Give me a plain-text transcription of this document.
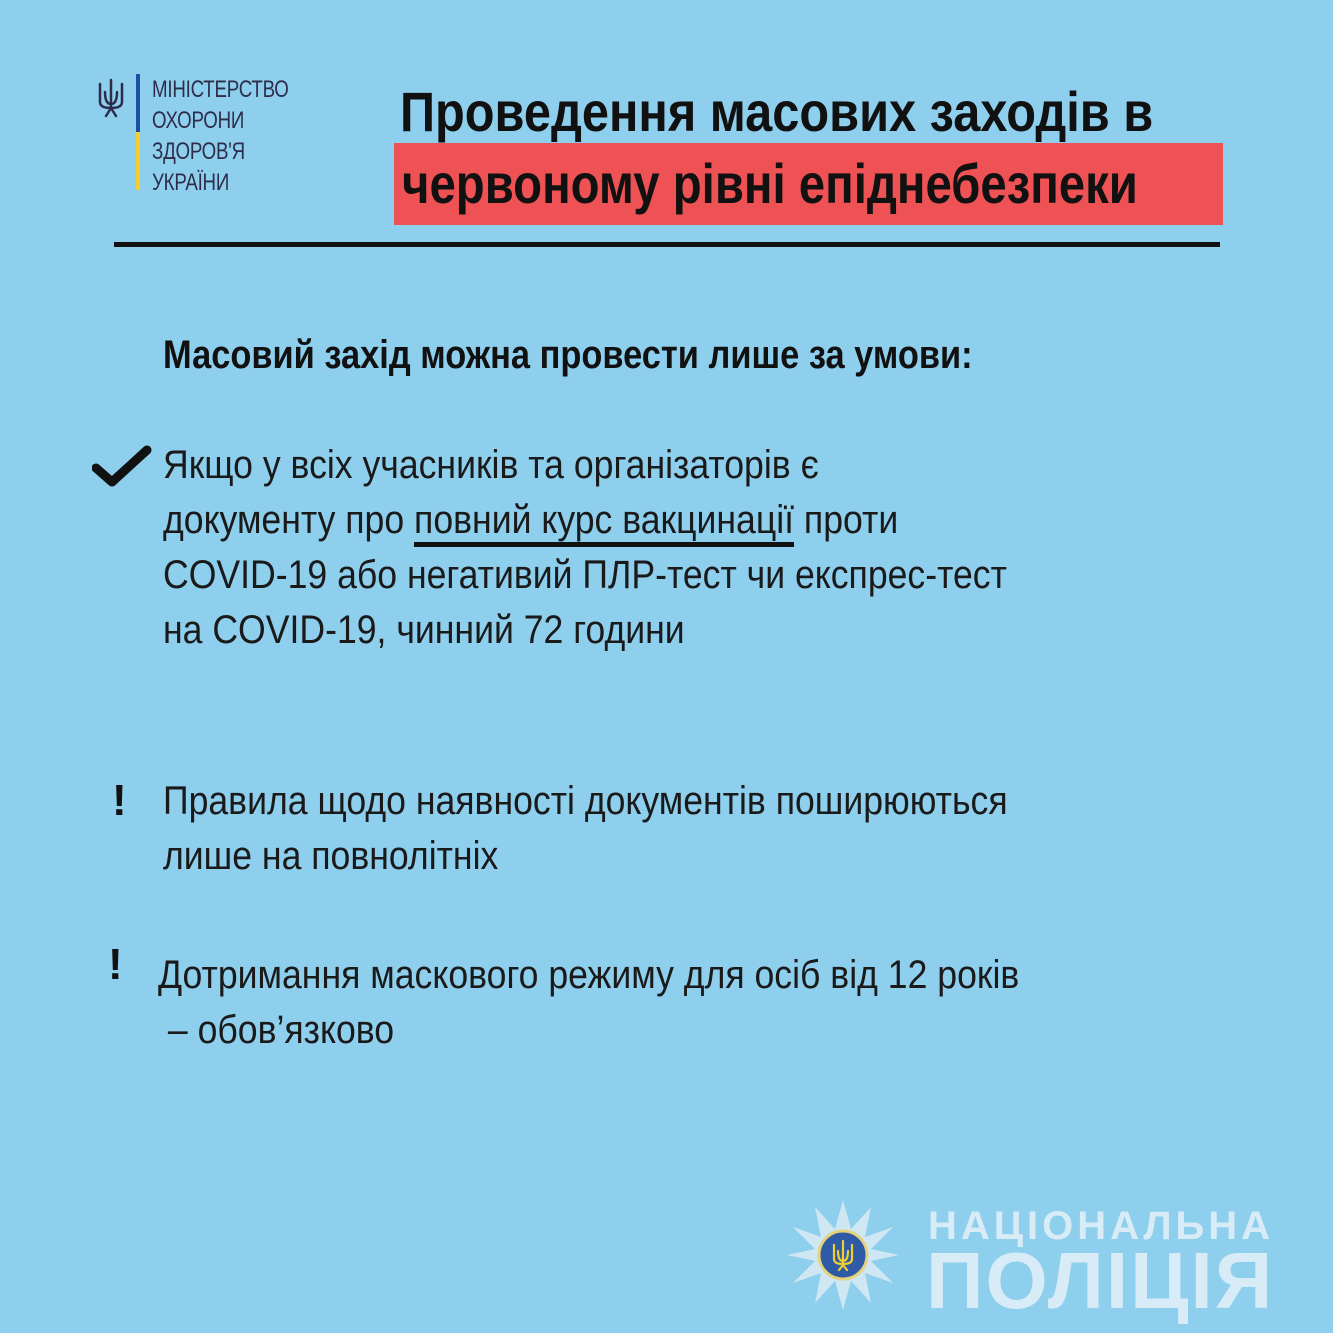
МІНІСТЕРСТВО
ОХОРОНИ
ЗДОРОВ'Я
УКРАЇНИ
Проведення масових заходів в
червоному рівні епіднебезпеки
Масовий захід можна провести лише за умови:
Якщо у всіх учасників та організаторів є
документу про повний курс вакцинації проти
COVID-19 або негативий ПЛР-тест чи експрес-тест
на COVID-19, чинний 72 години
! Правила щодо наявності документів поширюються
лише на повнолітніх
! Дотримання маскового режиму для осіб від 12 років
– обов’язково
НАЦІОНАЛЬНА
ПОЛІЦІЯ
